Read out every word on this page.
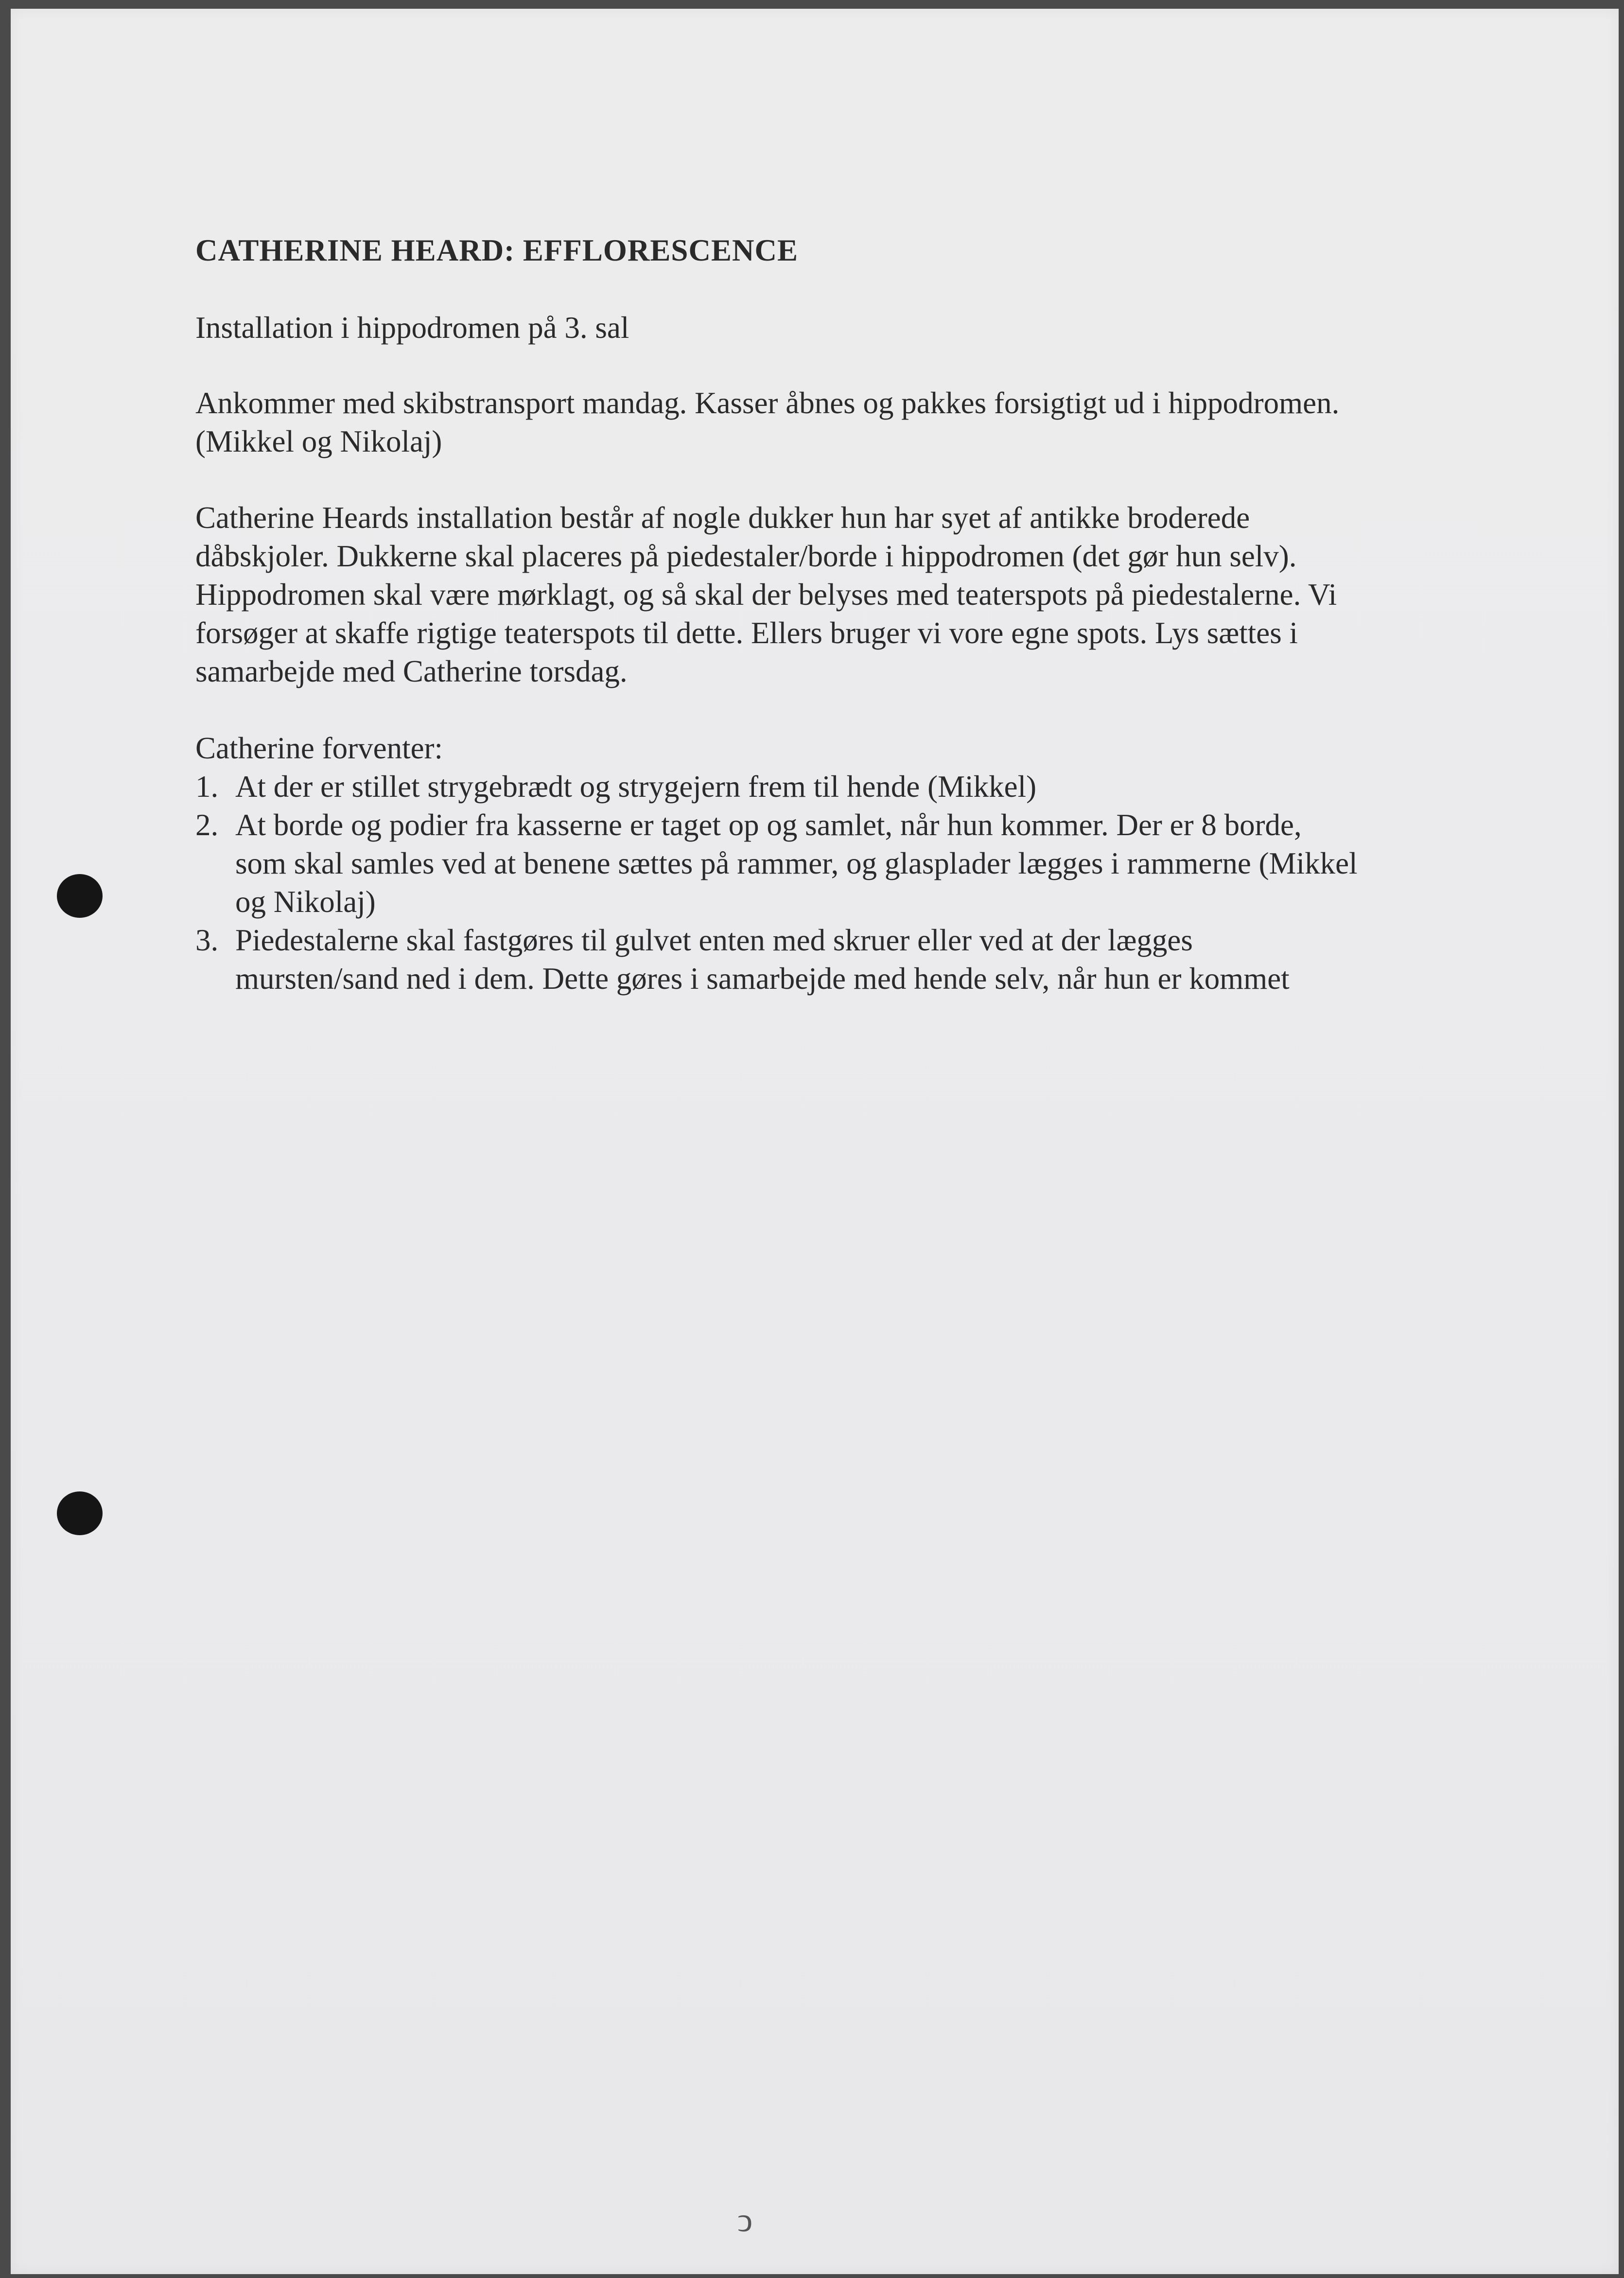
CATHERINE HEARD: EFFLORESCENCE
Installation i hippodromen på 3. sal
Ankommer med skibstransport mandag. Kasser åbnes og pakkes forsigtigt ud i hippodromen.
(Mikkel og Nikolaj)
Catherine Heards installation består af nogle dukker hun har syet af antikke broderede
dåbskjoler. Dukkerne skal placeres på piedestaler/borde i hippodromen (det gør hun selv).
Hippodromen skal være mørklagt, og så skal der belyses med teaterspots på piedestalerne. Vi
forsøger at skaffe rigtige teaterspots til dette. Ellers bruger vi vore egne spots. Lys sættes i
samarbejde med Catherine torsdag.
Catherine forventer:
1. At der er stillet strygebrædt og strygejern frem til hende (Mikkel)
2. At borde og podier fra kasserne er taget op og samlet, når hun kommer. Der er 8 borde,
som skal samles ved at benene sættes på rammer, og glasplader lægges i rammerne (Mikkel
og Nikolaj)
3. Piedestalerne skal fastgøres til gulvet enten med skruer eller ved at der lægges
mursten/sand ned i dem. Dette gøres i samarbejde med hende selv, når hun er kommet
ↄ
